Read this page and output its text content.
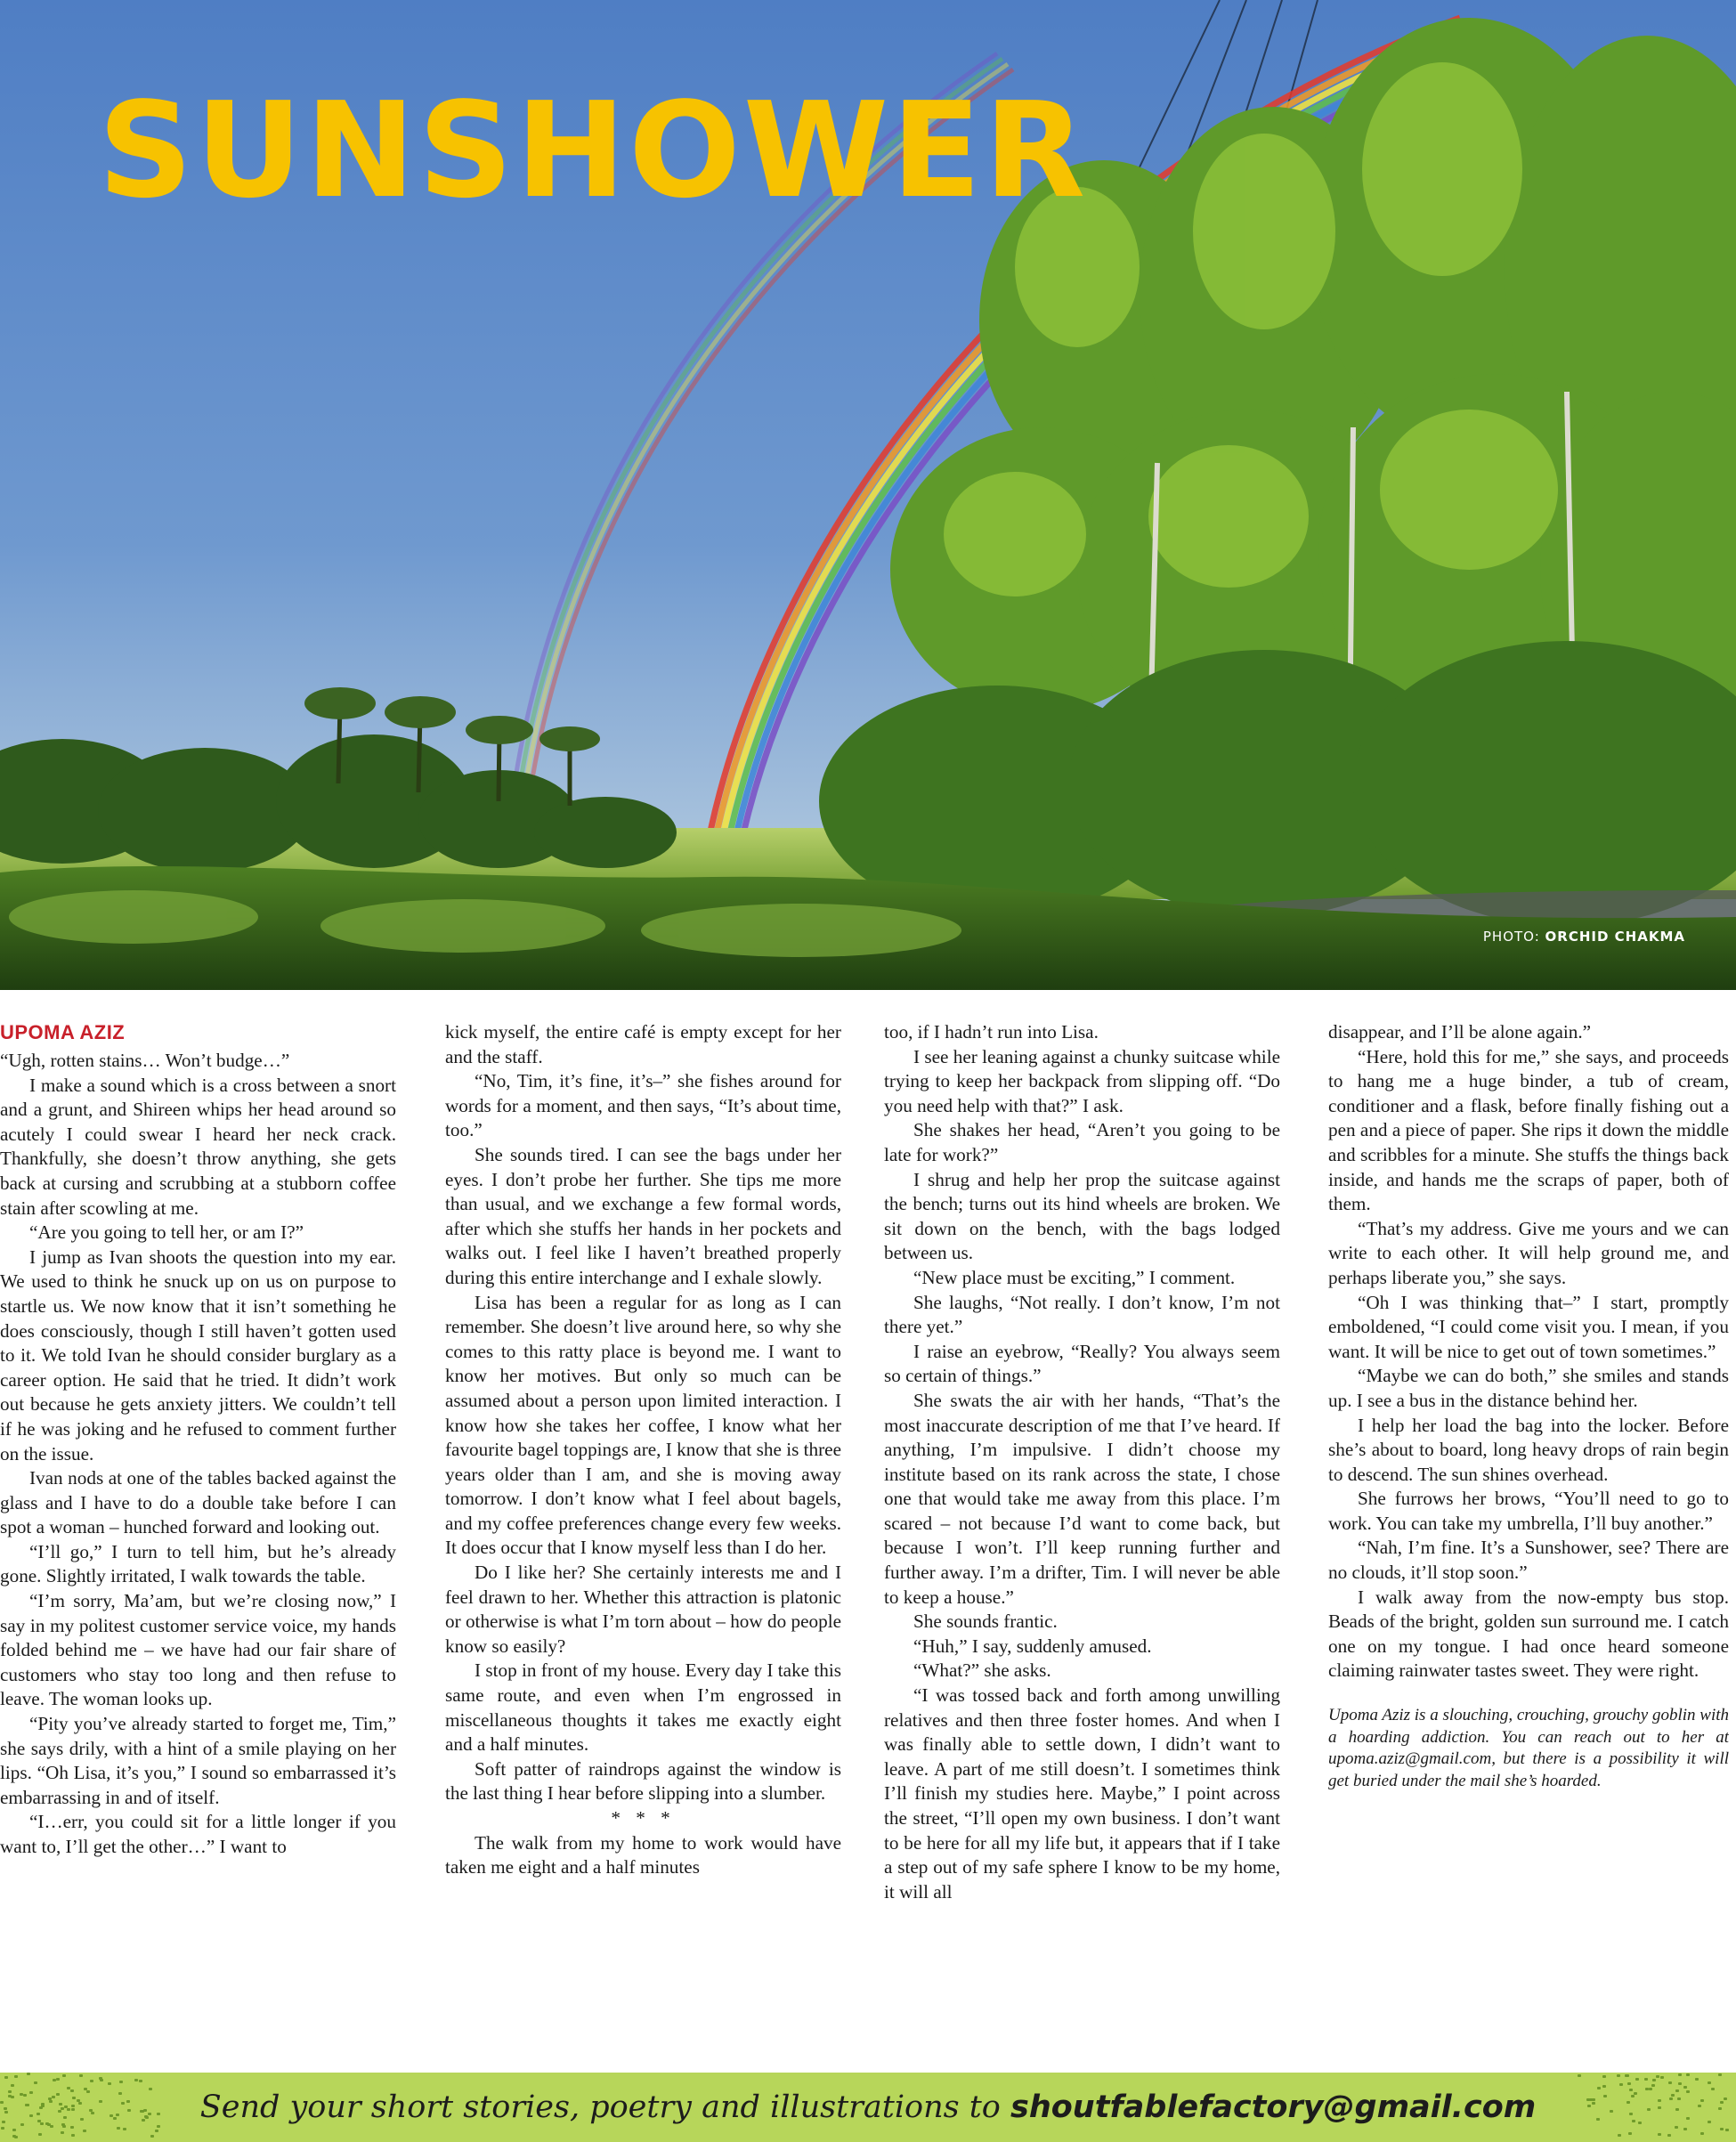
SUNSHOWER
PHOTO: ORCHID CHAKMA
UPOMA AZIZ

“Ugh, rotten stains… Won’t budge…”

I make a sound which is a cross between a snort and a grunt, and Shireen whips her head around so acutely I could swear I heard her neck crack. Thankfully, she doesn’t throw anything, she gets back at cursing and scrubbing at a stubborn coffee stain after scowling at me.

“Are you going to tell her, or am I?”

I jump as Ivan shoots the question into my ear. We used to think he snuck up on us on purpose to startle us. We now know that it isn’t something he does consciously, though I still haven’t gotten used to it. We told Ivan he should consider burglary as a career option. He said that he tried. It didn’t work out because he gets anxiety jitters. We couldn’t tell if he was joking and he refused to comment further on the issue.

Ivan nods at one of the tables backed against the glass and I have to do a double take before I can spot a woman – hunched forward and looking out.

“I’ll go,” I turn to tell him, but he’s already gone. Slightly irritated, I walk towards the table.

“I’m sorry, Ma’am, but we’re closing now,” I say in my politest customer service voice, my hands folded behind me – we have had our fair share of customers who stay too long and then refuse to leave. The woman looks up.

“Pity you’ve already started to forget me, Tim,” she says drily, with a hint of a smile playing on her lips. “Oh Lisa, it’s you,” I sound so embarrassed it’s embarrassing in and of itself.

“I…err, you could sit for a little longer if you want to, I’ll get the other…” I want to

kick myself, the entire café is empty except for her and the staff.

“No, Tim, it’s fine, it’s–” she fishes around for words for a moment, and then says, “It’s about time, too.”

She sounds tired. I can see the bags under her eyes. I don’t probe her further. She tips me more than usual, and we exchange a few formal words, after which she stuffs her hands in her pockets and walks out. I feel like I haven’t breathed properly during this entire interchange and I exhale slowly.

Lisa has been a regular for as long as I can remember. She doesn’t live around here, so why she comes to this ratty place is beyond me. I want to know her motives. But only so much can be assumed about a person upon limited interaction. I know how she takes her coffee, I know what her favourite bagel toppings are, I know that she is three years older than I am, and she is moving away tomorrow. I don’t know what I feel about bagels, and my coffee preferences change every few weeks. It does occur that I know myself less than I do her.

Do I like her? She certainly interests me and I feel drawn to her. Whether this attraction is platonic or otherwise is what I’m torn about – how do people know so easily?

I stop in front of my house. Every day I take this same route, and even when I’m engrossed in miscellaneous thoughts it takes me exactly eight and a half minutes.

Soft patter of raindrops against the window is the last thing I hear before slipping into a slumber.

* * *

The walk from my home to work would have taken me eight and a half minutes

too, if I hadn’t run into Lisa.

I see her leaning against a chunky suitcase while trying to keep her backpack from slipping off. “Do you need help with that?” I ask.

She shakes her head, “Aren’t you going to be late for work?”

I shrug and help her prop the suitcase against the bench; turns out its hind wheels are broken. We sit down on the bench, with the bags lodged between us.

“New place must be exciting,” I comment.

She laughs, “Not really. I don’t know, I’m not there yet.”

I raise an eyebrow, “Really? You always seem so certain of things.”

She swats the air with her hands, “That’s the most inaccurate description of me that I’ve heard. If anything, I’m impulsive. I didn’t choose my institute based on its rank across the state, I chose one that would take me away from this place. I’m scared – not because I’d want to come back, but because I won’t. I’ll keep running further and further away. I’m a drifter, Tim. I will never be able to keep a house.”

She sounds frantic.

“Huh,” I say, suddenly amused.

“What?” she asks.

“I was tossed back and forth among unwilling relatives and then three foster homes. And when I was finally able to settle down, I didn’t want to leave. A part of me still doesn’t. I sometimes think I’ll finish my studies here. Maybe,” I point across the street, “I’ll open my own business. I don’t want to be here for all my life but, it appears that if I take a step out of my safe sphere I know to be my home, it will all

disappear, and I’ll be alone again.”

“Here, hold this for me,” she says, and proceeds to hang me a huge binder, a tub of cream, conditioner and a flask, before finally fishing out a pen and a piece of paper. She rips it down the middle and scribbles for a minute. She stuffs the things back inside, and hands me the scraps of paper, both of them.

“That’s my address. Give me yours and we can write to each other. It will help ground me, and perhaps liberate you,” she says.

“Oh I was thinking that–” I start, promptly emboldened, “I could come visit you. I mean, if you want. It will be nice to get out of town sometimes.”

“Maybe we can do both,” she smiles and stands up. I see a bus in the distance behind her.

I help her load the bag into the locker. Before she’s about to board, long heavy drops of rain begin to descend. The sun shines overhead.

She furrows her brows, “You’ll need to go to work. You can take my umbrella, I’ll buy another.”

“Nah, I’m fine. It’s a Sunshower, see? There are no clouds, it’ll stop soon.”

I walk away from the now-empty bus stop. Beads of the bright, golden sun surround me. I catch one on my tongue. I had once heard someone claiming rainwater tastes sweet. They were right.

Upoma Aziz is a slouching, crouching, grouchy goblin with a hoarding addiction. You can reach out to her at upoma.aziz@gmail.com, but there is a possibility it will get buried under the mail she’s hoarded.

Send your short stories, poetry and illustrations to shoutfablefactory@gmail.com
